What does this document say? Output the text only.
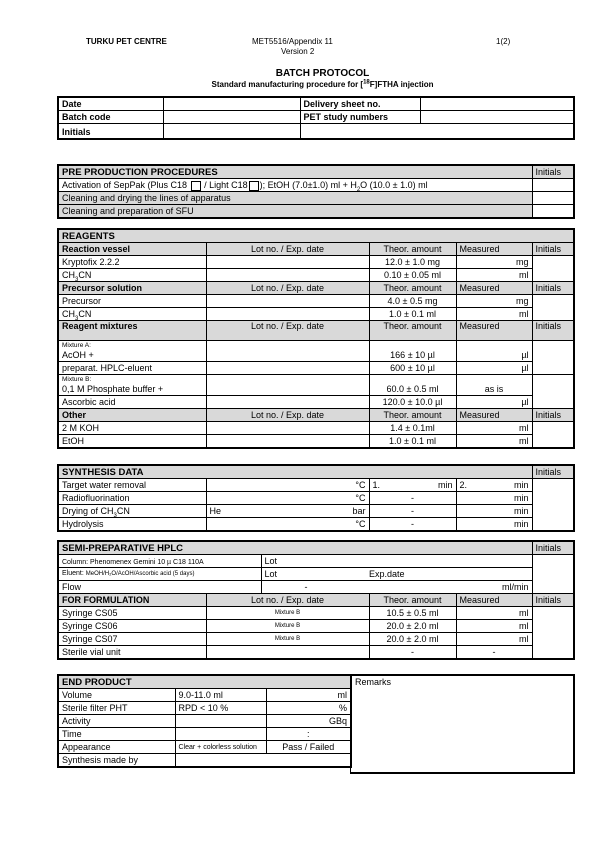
TURKU PET CENTRE	MET5516/Appendix 11
Version 2
1(2)
BATCH PROTOCOL
Standard manufacturing procedure for [$^{18}$F]FTHA injection
Date		Delivery sheet no.	
Batch code		PET study numbers	
Initials			
PRE PRODUCTION PROCEDURES	Initials
Activation of SepPak (Plus C18  / Light C18 ); EtOH (7.0±1.0) ml + $H_2O$ (10.0 ± 1.0) ml	
Cleaning and drying the lines of apparatus	
Cleaning and preparation of SFU	
REAGENTS				
Reaction vessel	Lot no. / Exp. date	Theor. amount	Measured	Initials
Kryptofix 2.2.2		12.0 ± 1.0 mg	mg	
$CH_3CN$		0.10 ± 0.05 ml	ml	
Precursor solution	Lot no. / Exp. date	Theor. amount	Measured	Initials
Precursor		4.0 ± 0.5 mg	mg	
$CH_3CN$		1.0 ± 0.1 ml	ml	
Reagent mixtures	Lot no. / Exp. date	Theor. amount	Measured	Initials

Mixture A:
AcOH +		166 ± 10 µl	µl	
preparat. HPLC-eluent		600 ± 10 µl	µl	

Mixture B:
0,1 M Phosphate buffer +		60.0 ± 0.5 ml	as is	
Ascorbic acid		120.0 ± 10.0 µl	µl	
Other	Lot no. / Exp. date	Theor. amount	Measured	Initials
2 M KOH		1.4 ± 0.1ml	ml	
EtOH		1.0 ± 0.1 ml	ml	
SYNTHESIS DATA				Initials
Target water removal	°C	1. min	2. min	

Radiofluorination	°C	-	min	
Drying of $CH_3CN$	He bar	-	min	
Hydrolysis	°C	-	min	
SEMI-PREPARATIVE HPLC					Initials
Column: Phenomenex Gemini 10 µ C18 110A		Lot			
Eluent: MeOH/H₂O/AcOH/Ascorbic acid (5 days)		Lot Exp.date			
Flow		- ml/min			

FOR FORMULATION	Lot no. / Exp. date		Theor. amount	Measured	Initials
Syringe CS05	Mixture B		10.5 ± 0.5 ml	ml	
Syringe CS06	Mixture B		20.0 ± 2.0 ml	ml	
Syringe CS07	Mixture B		20.0 ± 2.0 ml	ml	
Sterile vial unit			-	-	
END PRODUCT		
Volume	9.0-11.0 ml	ml
Sterile filter PHT	RPD < 10 %	%
Activity		GBq
Time		:
Appearance	Clear + colorless solution	Pass / Failed
Synthesis made by		
Remarks
